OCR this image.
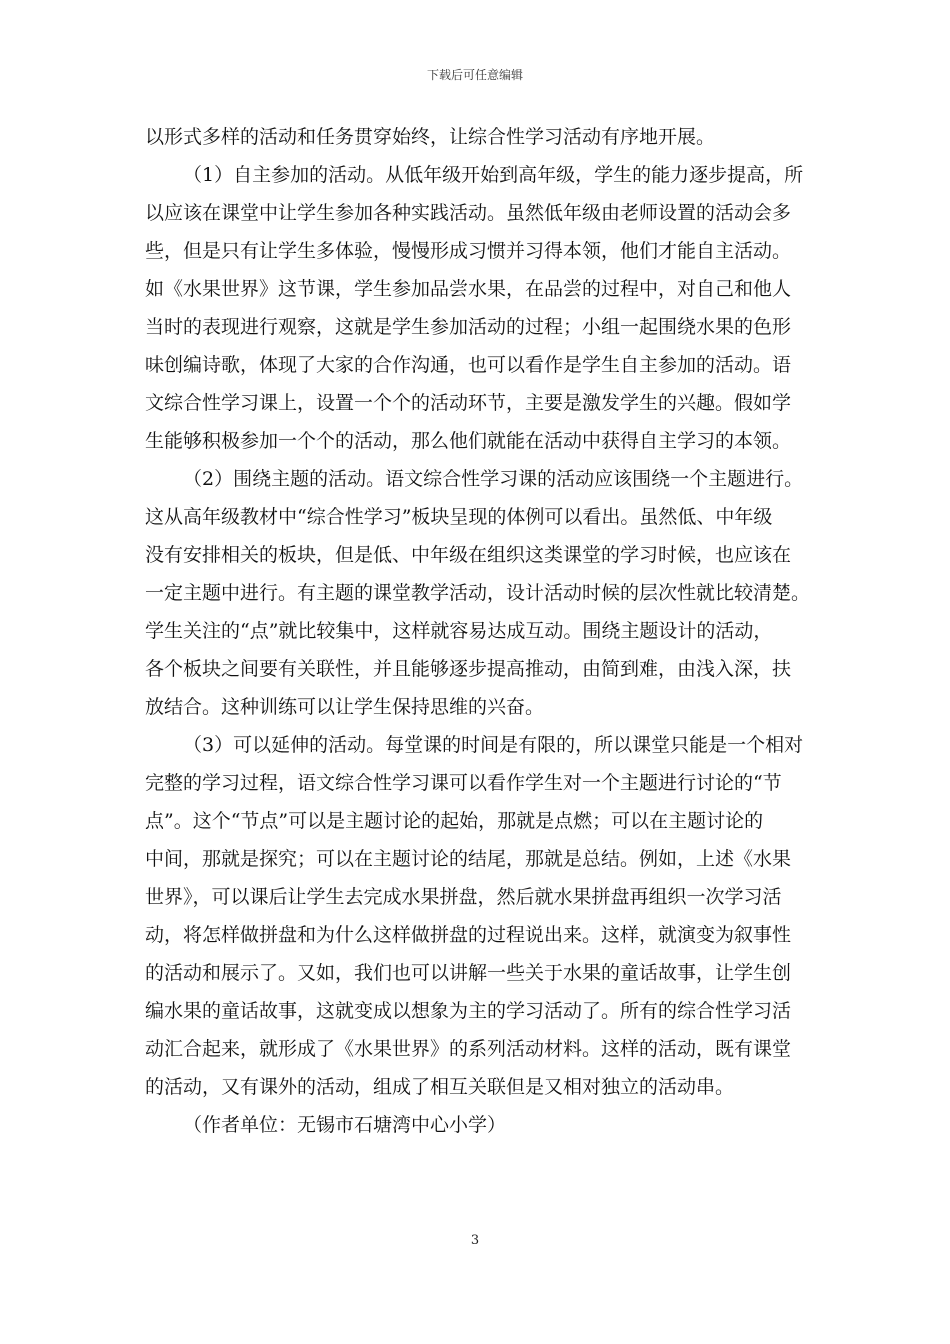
下载后可任意编辑
以形式多样的活动和任务贯穿始终，让综合性学习活动有序地开展。
（1）自主参加的活动。从低年级开始到高年级，学生的能力逐步提高，所
以应该在课堂中让学生参加各种实践活动。虽然低年级由老师设置的活动会多
些，但是只有让学生多体验，慢慢形成习惯并习得本领，他们才能自主活动。
如《水果世界》这节课，学生参加品尝水果，在品尝的过程中，对自己和他人
当时的表现进行观察，这就是学生参加活动的过程；小组一起围绕水果的色形
味创编诗歌，体现了大家的合作沟通，也可以看作是学生自主参加的活动。语
文综合性学习课上，设置一个个的活动环节，主要是激发学生的兴趣。假如学
生能够积极参加一个个的活动，那么他们就能在活动中获得自主学习的本领。
（2）围绕主题的活动。语文综合性学习课的活动应该围绕一个主题进行。
这从高年级教材中“综合性学习”板块呈现的体例可以看出。虽然低、中年级
没有安排相关的板块，但是低、中年级在组织这类课堂的学习时候，也应该在
一定主题中进行。有主题的课堂教学活动，设计活动时候的层次性就比较清楚。
学生关注的“点”就比较集中，这样就容易达成互动。围绕主题设计的活动，
各个板块之间要有关联性，并且能够逐步提高推动，由简到难，由浅入深，扶
放结合。这种训练可以让学生保持思维的兴奋。
（3）可以延伸的活动。每堂课的时间是有限的，所以课堂只能是一个相对
完整的学习过程，语文综合性学习课可以看作学生对一个主题进行讨论的“节
点”。这个“节点”可以是主题讨论的起始，那就是点燃；可以在主题讨论的
中间，那就是探究；可以在主题讨论的结尾，那就是总结。例如，上述《水果
世界》，可以课后让学生去完成水果拼盘，然后就水果拼盘再组织一次学习活
动，将怎样做拼盘和为什么这样做拼盘的过程说出来。这样，就演变为叙事性
的活动和展示了。又如，我们也可以讲解一些关于水果的童话故事，让学生创
编水果的童话故事，这就变成以想象为主的学习活动了。所有的综合性学习活
动汇合起来，就形成了《水果世界》的系列活动材料。这样的活动，既有课堂
的活动，又有课外的活动，组成了相互关联但是又相对独立的活动串。
（作者单位：无锡市石塘湾中心小学）
3
